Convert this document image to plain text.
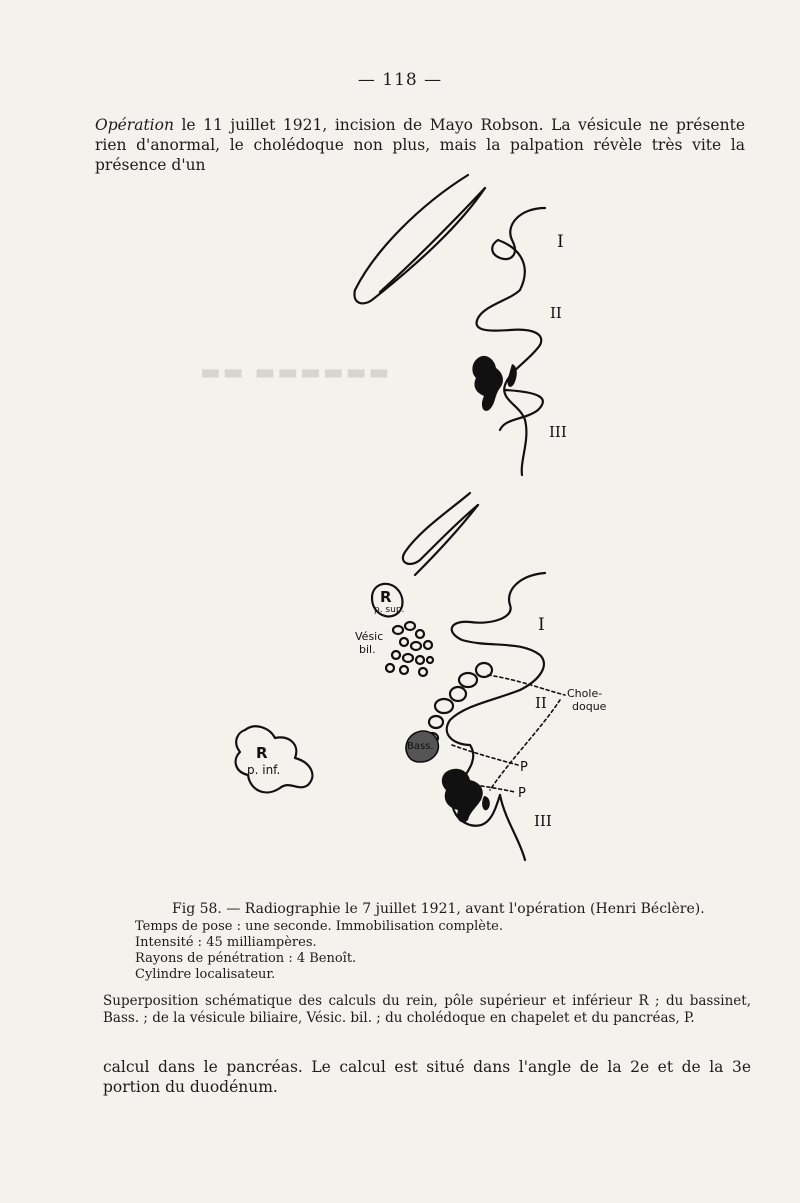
▬▬ ▬▬▬▬▬▬
— 118 —

Opération le 11 juillet 1921, incision de Mayo Robson. La vésicule ne présente rien d'anormal, le cholédoque non plus, mais la palpation révèle très vite la présence d'un

I
II
III
I
II
III
R
p. sup.
Vésic
bil.
Chole-
doque
Bass.
R
p. inf.	P
P

Fig 58. — Radiographie le 7 juillet 1921, avant l'opération (Henri Béclère).

Temps de pose : une seconde. Immobilisation complète.
Intensité : 45 milliampères.
Rayons de pénétration : 4 Benoît.
Cylindre localisateur.

Superposition schématique des calculs du rein, pôle supérieur et inférieur R ; du bassinet, Bass. ; de la vésicule biliaire, Vésic. bil. ; du cholédoque en chapelet et du pancréas, P.

calcul dans le pancréas. Le calcul est situé dans l'angle de la 2e et de la 3e portion du duodénum.
